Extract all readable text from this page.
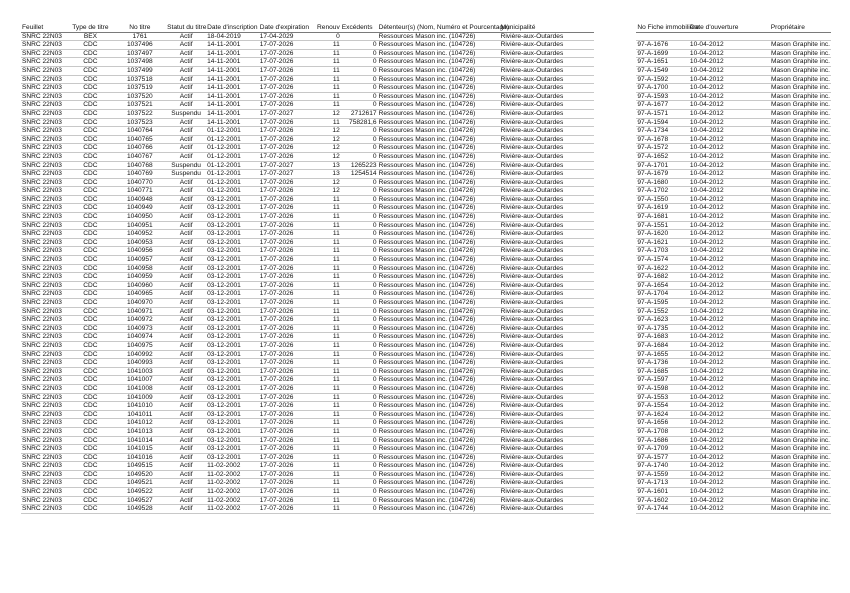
Feuillet	Type de titre	No titre	Statut du titre	Date d'inscription	Date d'expiration	Renouv	Excédents	Détenteur(s) (Nom, Numéro et Pourcentage)	Municipalité		No Fiche immobilière	Date d'ouverture	Propriétaire
SNRC 22N03	BEX	1761	Actif	18-04-2019	17-04-2029	0		Ressources Mason inc. (104726)	Rivière-aux-Outardes				
SNRC 22N03	CDC	1037496	Actif	14-11-2001	17-07-2026	11	0	Ressources Mason inc. (104726)	Rivière-aux-Outardes		97-A-1676	10-04-2012	Mason Graphite inc.
SNRC 22N03	CDC	1037497	Actif	14-11-2001	17-07-2026	11	0	Ressources Mason inc. (104726)	Rivière-aux-Outardes		97-A-1699	10-04-2012	Mason Graphite inc.
SNRC 22N03	CDC	1037498	Actif	14-11-2001	17-07-2026	11	0	Ressources Mason inc. (104726)	Rivière-aux-Outardes		97-A-1651	10-04-2012	Mason Graphite inc.
SNRC 22N03	CDC	1037499	Actif	14-11-2001	17-07-2026	11	0	Ressources Mason inc. (104726)	Rivière-aux-Outardes		97-A-1549	10-04-2012	Mason Graphite inc.
SNRC 22N03	CDC	1037518	Actif	14-11-2001	17-07-2026	11	0	Ressources Mason inc. (104726)	Rivière-aux-Outardes		97-A-1592	10-04-2012	Mason Graphite inc.
SNRC 22N03	CDC	1037519	Actif	14-11-2001	17-07-2026	11	0	Ressources Mason inc. (104726)	Rivière-aux-Outardes		97-A-1700	10-04-2012	Mason Graphite inc.
SNRC 22N03	CDC	1037520	Actif	14-11-2001	17-07-2026	11	0	Ressources Mason inc. (104726)	Rivière-aux-Outardes		97-A-1593	10-04-2012	Mason Graphite inc.
SNRC 22N03	CDC	1037521	Actif	14-11-2001	17-07-2026	11	0	Ressources Mason inc. (104726)	Rivière-aux-Outardes		97-A-1677	10-04-2012	Mason Graphite inc.
SNRC 22N03	CDC	1037522	Suspendu	14-11-2001	17-07-2027	12	2712617	Ressources Mason inc. (104726)	Rivière-aux-Outardes		97-A-1571	10-04-2012	Mason Graphite inc.
SNRC 22N03	CDC	1037523	Actif	14-11-2001	17-07-2026	11	758281,6	Ressources Mason inc. (104726)	Rivière-aux-Outardes		97-A-1594	10-04-2012	Mason Graphite inc.
SNRC 22N03	CDC	1040764	Actif	01-12-2001	17-07-2026	12	0	Ressources Mason inc. (104726)	Rivière-aux-Outardes		97-A-1734	10-04-2012	Mason Graphite inc.
SNRC 22N03	CDC	1040765	Actif	01-12-2001	17-07-2026	12	0	Ressources Mason inc. (104726)	Rivière-aux-Outardes		97-A-1678	10-04-2012	Mason Graphite inc.
SNRC 22N03	CDC	1040766	Actif	01-12-2001	17-07-2026	12	0	Ressources Mason inc. (104726)	Rivière-aux-Outardes		97-A-1572	10-04-2012	Mason Graphite inc.
SNRC 22N03	CDC	1040767	Actif	01-12-2001	17-07-2026	12	0	Ressources Mason inc. (104726)	Rivière-aux-Outardes		97-A-1652	10-04-2012	Mason Graphite inc.
SNRC 22N03	CDC	1040768	Suspendu	01-12-2001	17-07-2027	13	1265223	Ressources Mason inc. (104726)	Rivière-aux-Outardes		97-A-1701	10-04-2012	Mason Graphite inc.
SNRC 22N03	CDC	1040769	Suspendu	01-12-2001	17-07-2027	13	1254514	Ressources Mason inc. (104726)	Rivière-aux-Outardes		97-A-1679	10-04-2012	Mason Graphite inc.
SNRC 22N03	CDC	1040770	Actif	01-12-2001	17-07-2026	12	0	Ressources Mason inc. (104726)	Rivière-aux-Outardes		97-A-1680	10-04-2012	Mason Graphite inc.
SNRC 22N03	CDC	1040771	Actif	01-12-2001	17-07-2026	12	0	Ressources Mason inc. (104726)	Rivière-aux-Outardes		97-A-1702	10-04-2012	Mason Graphite inc.
SNRC 22N03	CDC	1040948	Actif	03-12-2001	17-07-2026	11	0	Ressources Mason inc. (104726)	Rivière-aux-Outardes		97-A-1550	10-04-2012	Mason Graphite inc.
SNRC 22N03	CDC	1040949	Actif	03-12-2001	17-07-2026	11	0	Ressources Mason inc. (104726)	Rivière-aux-Outardes		97-A-1619	10-04-2012	Mason Graphite inc.
SNRC 22N03	CDC	1040950	Actif	03-12-2001	17-07-2026	11	0	Ressources Mason inc. (104726)	Rivière-aux-Outardes		97-A-1681	10-04-2012	Mason Graphite inc.
SNRC 22N03	CDC	1040951	Actif	03-12-2001	17-07-2026	11	0	Ressources Mason inc. (104726)	Rivière-aux-Outardes		97-A-1551	10-04-2012	Mason Graphite inc.
SNRC 22N03	CDC	1040952	Actif	03-12-2001	17-07-2026	11	0	Ressources Mason inc. (104726)	Rivière-aux-Outardes		97-A-1620	10-04-2012	Mason Graphite inc.
SNRC 22N03	CDC	1040953	Actif	03-12-2001	17-07-2026	11	0	Ressources Mason inc. (104726)	Rivière-aux-Outardes		97-A-1621	10-04-2012	Mason Graphite inc.
SNRC 22N03	CDC	1040956	Actif	03-12-2001	17-07-2026	11	0	Ressources Mason inc. (104726)	Rivière-aux-Outardes		97-A-1703	10-04-2012	Mason Graphite inc.
SNRC 22N03	CDC	1040957	Actif	03-12-2001	17-07-2026	11	0	Ressources Mason inc. (104726)	Rivière-aux-Outardes		97-A-1574	10-04-2012	Mason Graphite inc.
SNRC 22N03	CDC	1040958	Actif	03-12-2001	17-07-2026	11	0	Ressources Mason inc. (104726)	Rivière-aux-Outardes		97-A-1622	10-04-2012	Mason Graphite inc.
SNRC 22N03	CDC	1040959	Actif	03-12-2001	17-07-2026	11	0	Ressources Mason inc. (104726)	Rivière-aux-Outardes		97-A-1682	10-04-2012	Mason Graphite inc.
SNRC 22N03	CDC	1040960	Actif	03-12-2001	17-07-2026	11	0	Ressources Mason inc. (104726)	Rivière-aux-Outardes		97-A-1654	10-04-2012	Mason Graphite inc.
SNRC 22N03	CDC	1040965	Actif	03-12-2001	17-07-2026	11	0	Ressources Mason inc. (104726)	Rivière-aux-Outardes		97-A-1704	10-04-2012	Mason Graphite inc.
SNRC 22N03	CDC	1040970	Actif	03-12-2001	17-07-2026	11	0	Ressources Mason inc. (104726)	Rivière-aux-Outardes		97-A-1595	10-04-2012	Mason Graphite inc.
SNRC 22N03	CDC	1040971	Actif	03-12-2001	17-07-2026	11	0	Ressources Mason inc. (104726)	Rivière-aux-Outardes		97-A-1552	10-04-2012	Mason Graphite inc.
SNRC 22N03	CDC	1040972	Actif	03-12-2001	17-07-2026	11	0	Ressources Mason inc. (104726)	Rivière-aux-Outardes		97-A-1623	10-04-2012	Mason Graphite inc.
SNRC 22N03	CDC	1040973	Actif	03-12-2001	17-07-2026	11	0	Ressources Mason inc. (104726)	Rivière-aux-Outardes		97-A-1735	10-04-2012	Mason Graphite inc.
SNRC 22N03	CDC	1040974	Actif	03-12-2001	17-07-2026	11	0	Ressources Mason inc. (104726)	Rivière-aux-Outardes		97-A-1683	10-04-2012	Mason Graphite inc.
SNRC 22N03	CDC	1040975	Actif	03-12-2001	17-07-2026	11	0	Ressources Mason inc. (104726)	Rivière-aux-Outardes		97-A-1684	10-04-2012	Mason Graphite inc.
SNRC 22N03	CDC	1040992	Actif	03-12-2001	17-07-2026	11	0	Ressources Mason inc. (104726)	Rivière-aux-Outardes		97-A-1655	10-04-2012	Mason Graphite inc.
SNRC 22N03	CDC	1040993	Actif	03-12-2001	17-07-2026	11	0	Ressources Mason inc. (104726)	Rivière-aux-Outardes		97-A-1736	10-04-2012	Mason Graphite inc.
SNRC 22N03	CDC	1041003	Actif	03-12-2001	17-07-2026	11	0	Ressources Mason inc. (104726)	Rivière-aux-Outardes		97-A-1685	10-04-2012	Mason Graphite inc.
SNRC 22N03	CDC	1041007	Actif	03-12-2001	17-07-2026	11	0	Ressources Mason inc. (104726)	Rivière-aux-Outardes		97-A-1597	10-04-2012	Mason Graphite inc.
SNRC 22N03	CDC	1041008	Actif	03-12-2001	17-07-2026	11	0	Ressources Mason inc. (104726)	Rivière-aux-Outardes		97-A-1598	10-04-2012	Mason Graphite inc.
SNRC 22N03	CDC	1041009	Actif	03-12-2001	17-07-2026	11	0	Ressources Mason inc. (104726)	Rivière-aux-Outardes		97-A-1553	10-04-2012	Mason Graphite inc.
SNRC 22N03	CDC	1041010	Actif	03-12-2001	17-07-2026	11	0	Ressources Mason inc. (104726)	Rivière-aux-Outardes		97-A-1554	10-04-2012	Mason Graphite inc.
SNRC 22N03	CDC	1041011	Actif	03-12-2001	17-07-2026	11	0	Ressources Mason inc. (104726)	Rivière-aux-Outardes		97-A-1624	10-04-2012	Mason Graphite inc.
SNRC 22N03	CDC	1041012	Actif	03-12-2001	17-07-2026	11	0	Ressources Mason inc. (104726)	Rivière-aux-Outardes		97-A-1656	10-04-2012	Mason Graphite inc.
SNRC 22N03	CDC	1041013	Actif	03-12-2001	17-07-2026	11	0	Ressources Mason inc. (104726)	Rivière-aux-Outardes		97-A-1708	10-04-2012	Mason Graphite inc.
SNRC 22N03	CDC	1041014	Actif	03-12-2001	17-07-2026	11	0	Ressources Mason inc. (104726)	Rivière-aux-Outardes		97-A-1686	10-04-2012	Mason Graphite inc.
SNRC 22N03	CDC	1041015	Actif	03-12-2001	17-07-2026	11	0	Ressources Mason inc. (104726)	Rivière-aux-Outardes		97-A-1709	10-04-2012	Mason Graphite inc.
SNRC 22N03	CDC	1041016	Actif	03-12-2001	17-07-2026	11	0	Ressources Mason inc. (104726)	Rivière-aux-Outardes		97-A-1577	10-04-2012	Mason Graphite inc.
SNRC 22N03	CDC	1049515	Actif	11-02-2002	17-07-2026	11	0	Ressources Mason inc. (104726)	Rivière-aux-Outardes		97-A-1740	10-04-2012	Mason Graphite inc.
SNRC 22N03	CDC	1049520	Actif	11-02-2002	17-07-2026	11	0	Ressources Mason inc. (104726)	Rivière-aux-Outardes		97-A-1559	10-04-2012	Mason Graphite inc.
SNRC 22N03	CDC	1049521	Actif	11-02-2002	17-07-2026	11	0	Ressources Mason inc. (104726)	Rivière-aux-Outardes		97-A-1713	10-04-2012	Mason Graphite inc.
SNRC 22N03	CDC	1049522	Actif	11-02-2002	17-07-2026	11	0	Ressources Mason inc. (104726)	Rivière-aux-Outardes		97-A-1601	10-04-2012	Mason Graphite inc.
SNRC 22N03	CDC	1049527	Actif	11-02-2002	17-07-2026	11	0	Ressources Mason inc. (104726)	Rivière-aux-Outardes		97-A-1602	10-04-2012	Mason Graphite inc.
SNRC 22N03	CDC	1049528	Actif	11-02-2002	17-07-2026	11	0	Ressources Mason inc. (104726)	Rivière-aux-Outardes		97-A-1744	10-04-2012	Mason Graphite inc.
